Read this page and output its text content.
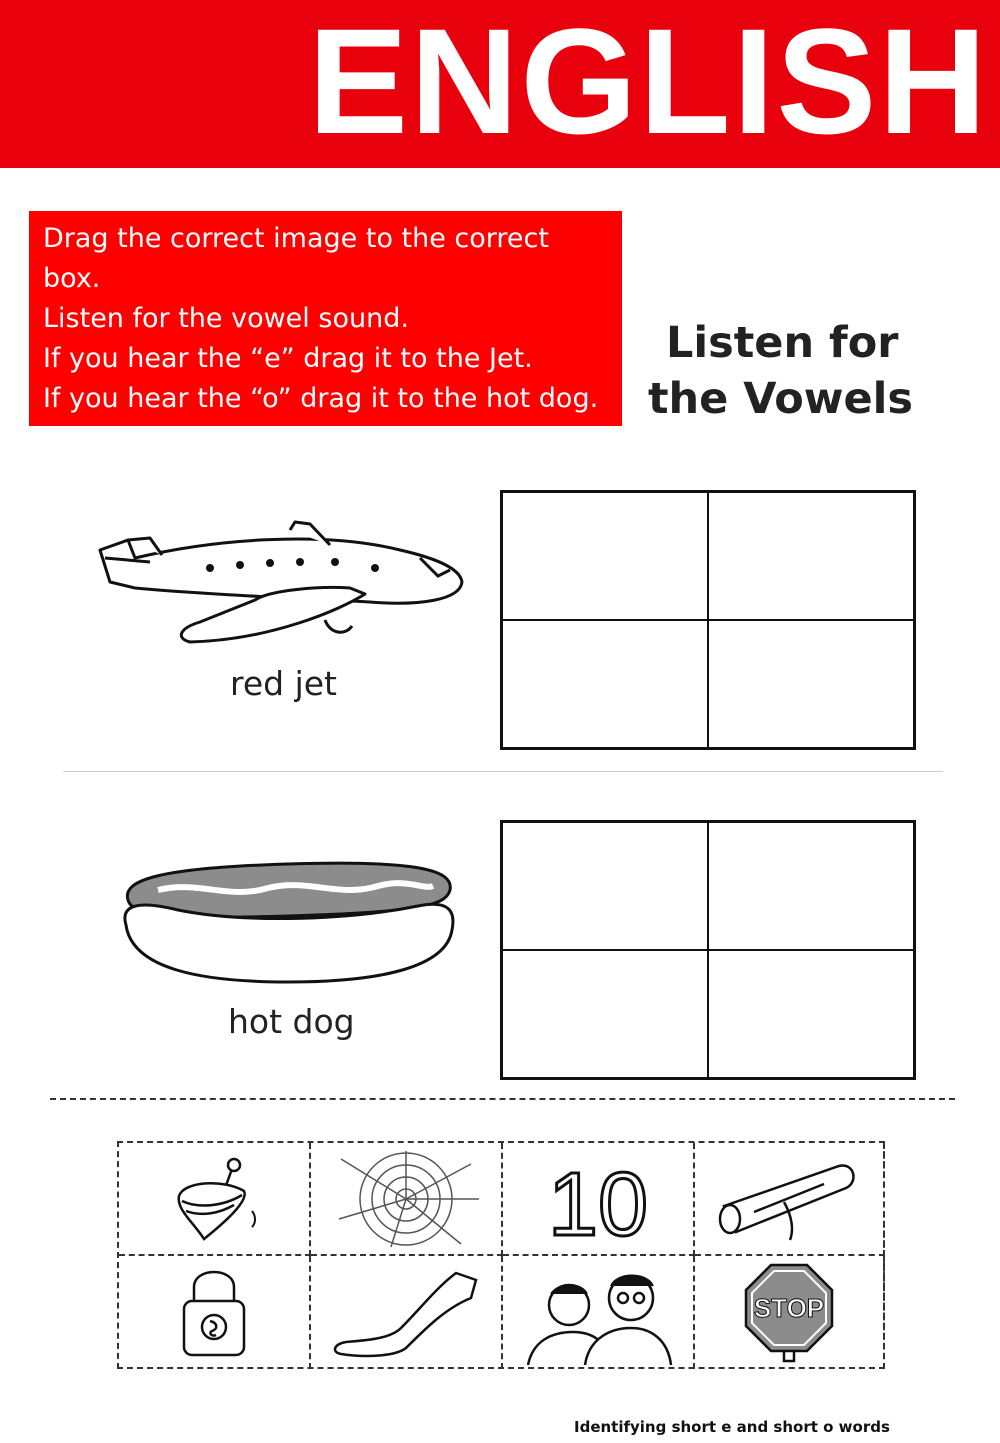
ENGLISH
Drag the correct image to the correct
box.
Listen for the vowel sound.
If you hear the “e” drag it to the Jet.
If you hear the “o” drag it to the hot dog.
Listen for
the Vowels
red jet
hot dog
10
STOP
Identifying short e and short o words
